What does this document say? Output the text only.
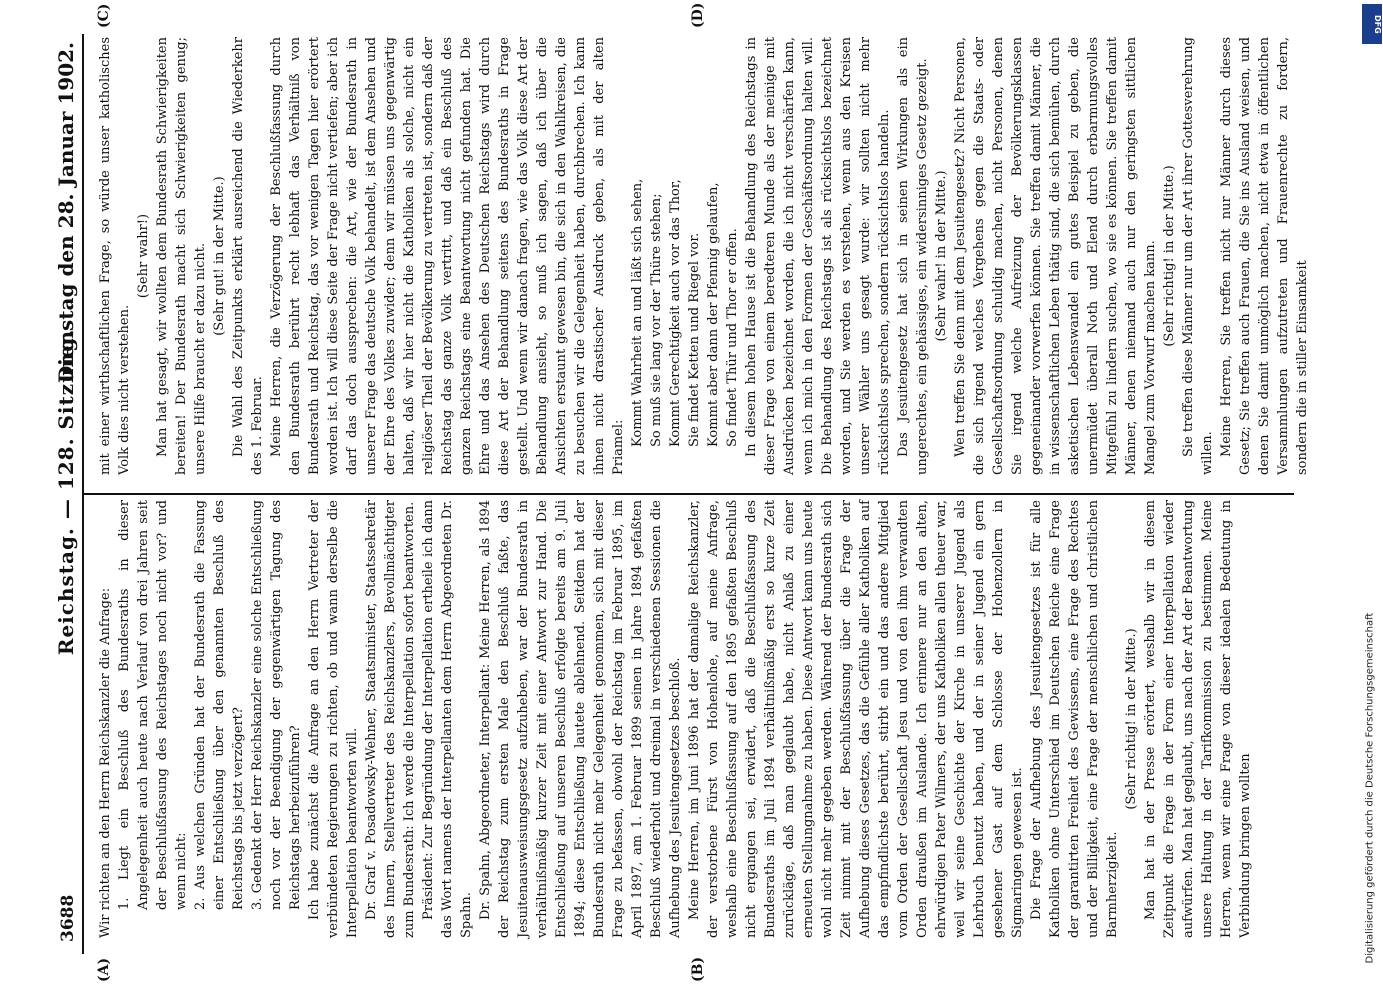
3688
Reichstag. — 128. Sitzung.
Dienstag den 28. Januar 1902.
(A)	(B)
(C)	(D)

Wir richten an den Herrn Reichskanzler die Anfrage: 1. Liegt ein Beschluß des Bundesraths in dieser Angelegenheit auch heute nach Verlauf von drei Jahren seit der Beschlußfassung des Reichstages noch nicht vor? und wenn nicht: 2. Aus welchen Gründen hat der Bundesrath die Fassung einer Entschließung über den genannten Beschluß des Reichstags bis jetzt verzögert? 3. Gedenkt der Herr Reichskanzler eine solche Entschließung noch vor der Beendigung der gegenwärtigen Tagung des Reichstags herbeizuführen? Ich habe zunächst die Anfrage an den Herrn Vertreter der verbündeten Regierungen zu richten, ob und wann derselbe die Interpellation beantworten will. Dr. Graf v. Posadowsky-Wehner, Staatsminister, Staatssekretär des Innern, Stellvertreter des Reichskanzlers, Bevollmächtigter zum Bundesrath: Ich werde die Interpellation sofort beantworten. Präsident: Zur Begründung der Interpellation ertheile ich dann das Wort namens der Interpellanten dem Herrn Abgeordneten Dr. Spahn. Dr. Spahn, Abgeordneter, Interpellant: Meine Herren, als 1894 der Reichstag zum ersten Male den Beschluß faßte, das Jesuitenausweisungsgesetz aufzuheben, war der Bundesrath in verhältnißmäßig kurzer Zeit mit einer Antwort zur Hand. Die Entschließung auf unseren Beschluß erfolgte bereits am 9. Juli 1894; diese Entschließung lautete ablehnend. Seitdem hat der Bundesrath nicht mehr Gelegenheit genommen, sich mit dieser Frage zu befassen, obwohl der Reichstag im Februar 1895, im April 1897, am 1. Februar 1899 seinen in Jahre 1894 gefaßten Beschluß wiederholt und dreimal in verschiedenen Sessionen die Aufhebung des Jesuitengesetzes beschloß. Meine Herren, im Juni 1896 hat der damalige Reichskanzler, der verstorbene Fürst von Hohenlohe, auf meine Anfrage, weshalb eine Beschlußfassung auf den 1895 gefaßten Beschluß nicht ergangen sei, erwidert, daß die Beschlußfassung des Bundesraths im Juli 1894 verhältnißmäßig erst so kurze Zeit zurückläge, daß man geglaubt habe, nicht Anlaß zu einer erneuten Stellungnahme zu haben. Diese Antwort kann uns heute wohl nicht mehr gegeben werden. Während der Bundesrath sich Zeit nimmt mit der Beschlußfassung über die Frage der Aufhebung dieses Gesetzes, das die Gefühle aller Katholiken auf das empfindlichste berührt, stirbt ein und das andere Mitglied vom Orden der Gesellschaft Jesu und von den ihm verwandten Orden draußen im Auslande. Ich erinnere nur an den alten, ehrwürdigen Pater Wilmers, der uns Katholiken allen theuer war, weil wir seine Geschichte der Kirche in unserer Jugend als Lehrbuch benutzt haben, und der in seiner Jugend ein gern gesehener Gast auf dem Schlosse der Hohenzollern in Sigmaringen gewesen ist. Die Frage der Aufhebung des Jesuitengesetzes ist für alle Katholiken ohne Unterschied im Deutschen Reiche eine Frage der garantirten Freiheit des Gewissens, eine Frage des Rechtes und der Billigkeit, eine Frage der menschlichen und christlichen Barmherzigkeit.

(Sehr richtig! in der Mitte.) Man hat in der Presse erörtert, weshalb wir in diesem Zeitpunkt die Frage in der Form einer Interpellation wieder aufwürfen. Man hat geglaubt, uns nach der Art der Beantwortung unsere Haltung in der Tarifkommission zu bestimmen. Meine Herren, wenn wir eine Frage von dieser idealen Bedeutung in Verbindung bringen wollten

mit einer wirthschaftlichen Frage, so würde unser katholisches Volk dies nicht verstehen.

(Sehr wahr!) Man hat gesagt, wir wollten dem Bundesrath Schwierigkeiten bereiten! Der Bundesrath macht sich Schwierigkeiten genug; unsere Hilfe braucht er dazu nicht. (Sehr gut! in der Mitte.) Die Wahl des Zeitpunkts erklärt ausreichend die Wiederkehr des 1. Februar. Meine Herren, die Verzögerung der Beschlußfassung durch den Bundesrath berührt recht lebhaft das Verhältniß von Bundesrath und Reichstag, das vor wenigen Tagen hier erörtert worden ist. Ich will diese Seite der Frage nicht vertiefen; aber ich darf das doch aussprechen: die Art, wie der Bundesrath in unserer Frage das deutsche Volk behandelt, ist dem Ansehen und der Ehre des Volkes zuwider; denn wir müssen uns gegenwärtig halten, daß wir hier nicht die Katholiken als solche, nicht ein religiöser Theil der Bevölkerung zu vertreten ist, sondern daß der Reichstag das ganze Volk vertritt, und daß ein Beschluß des ganzen Reichstags eine Beantwortung nicht gefunden hat. Die Ehre und das Ansehen des Deutschen Reichstags wird durch diese Art der Behandlung seitens des Bundesraths in Frage gestellt. Und wenn wir danach fragen, wie das Volk diese Art der Behandlung ansieht, so muß ich sagen, daß ich über die Ansichten erstaunt gewesen bin, die sich in den Wahlkreisen, die zu besuchen wir die Gelegenheit haben, durchbrechen. Ich kann ihnen nicht drastischer Ausdruck geben, als mit der alten Priamel:

Kommt Wahrheit an und läßt sich sehen, So muß sie lang vor der Thüre stehen; Kommt Gerechtigkeit auch vor das Thor, Sie findet Ketten und Riegel vor. Kommt aber dann der Pfennig gelaufen, So findet Thür und Thor er offen. In diesem hohen Hause ist die Behandlung des Reichstags in dieser Frage von einem beredteren Munde als der meinige mit Ausdrücken bezeichnet worden, die ich nicht verschärfen kann, wenn ich mich in den Formen der Geschäftsordnung halten will. Die Behandlung des Reichstags ist als rücksichtslos bezeichnet worden, und Sie werden es verstehen, wenn aus den Kreisen unserer Wähler uns gesagt wurde: wir sollten nicht mehr rücksichtslos sprechen, sondern rücksichtslos handeln. Das Jesuitengesetz hat sich in seinen Wirkungen als ein ungerechtes, ein gehässiges, ein widersinniges Gesetz gezeigt. (Sehr wahr! in der Mitte.) Wen treffen Sie denn mit dem Jesuitengesetz? Nicht Personen, die sich irgend welches Vergehens gegen die Staats- oder Gesellschaftsordnung schuldig machen, nicht Personen, denen Sie irgend welche Aufreizung der Bevölkerungsklassen gegeneinander vorwerfen können. Sie treffen damit Männer, die in wissenschaftlichen Leben thätig sind, die sich bemühen, durch asketischen Lebenswandel ein gutes Beispiel zu geben, die unermüdet überall Noth und Elend durch erbarmungsvolles Mitgefühl zu lindern suchen, wo sie es können. Sie treffen damit Männer, denen niemand auch nur den geringsten sittlichen Mangel zum Vorwurf machen kann. (Sehr richtig! in der Mitte.) Sie treffen diese Männer nur um der Art ihrer Gottesverehrung willen. Meine Herren, Sie treffen nicht nur Männer durch dieses Gesetz; Sie treffen auch Frauen, die Sie ins Ausland weisen, und denen Sie damit unmöglich machen, nicht etwa in öffentlichen Versammlungen aufzutreten und Frauenrechte zu fordern, sondern die in stiller Einsamkeit

DFG
Digitalisierung gefördert durch die Deutsche Forschungsgemeinschaft
